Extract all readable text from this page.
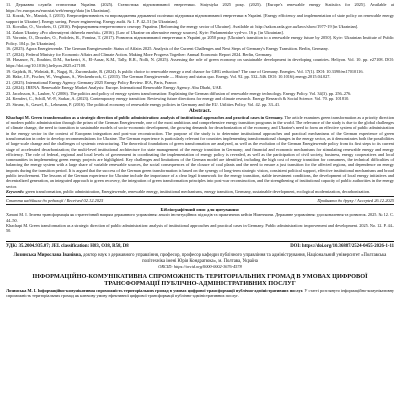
11. Державна служба статистики України. (2025). Статистика відновлюваної енергетики. Statystyka 2025 року. (2025). [Europe's renewable energy Statistics for 2025]. Available at https://ec.europa.eu/eurostat/web/energy/data [in Ukrainian].

12. Kozak, Ye., Maniok, I. (2015). Енергоефективність та впровадження державної політики підтримки відновлюваної енергетики в Україні. [Energy efficiency and implementation of state policy on renewable energy support in Ukraine]. Energy saving. Power engineering. Energy audit. № 1. P. 42–51 [in Ukrainian].

13. Kovalko, O., Vorobets, O. (2016). Реформування енергетичного сектору України. [Reforming the energy sector of Ukraine]. Available at: http://zakon.rada.gov.ua/laws/show/1977-19 [in Ukrainian].

14. Zakon Ukrainy «Pro alternatyvni dzherela enerhii». (2016). [Law of Ukraine on alternative energy sources]. Kyiv: Parlamentske vyd-vo. 16 p. [in Ukrainian].

15. Voronin, O., Drozdov, O., Podolets, R., Fomina, T. (2017). Розвиток відновлюваної енергетики в Україні до 2050 року. [Ukraine's transition to a renewable energy future by 2050]. Kyiv: Ukrainian Institute of Public Policy. 104 p. [in Ukrainian].

16. (2025). Agora Energiewende. The German Energiewende: Status of Affairs 2025. Analysis of the Current Challenges and Next Steps of Germany's Energy Transition. Berlin, Germany.

17. (2024). Federal Ministry for Economic Affairs and Climate Action. Making More Progress Together: Annual Economic Report 2024. Berlin, Germany.

18. Hasanov, N., Ibrahim, D.M., Sarkeriri, S., El-Aasar, K.M., Tally, R.R., Nolli, N. (2025). Assessing the role of green economy on sustainable development in developing countries. Heliyon. Vol. 10. pp. e27108. DOI: https://doi.org/10.1016/j.heliyon.2025.e27108.

19. Gajdzik, B., Wolniak, R., Nagaj, R., Żuromskaite, B. (2024). Is public choice to renewable energy a real chance for GHG reduction? The case of Germany. Energies. Vol. 17(1). DOI: 10.3390/en17010116.

20. Hake, J.F., Fischer, W., Venghaus, S., Weckenbrock, C. (2015). The German Energiewende — History and status quo. Energy. Vol. 92. pp. 532–546. DOI: 10.1016/j.energy.2015.04.027.

21. (2025). International Energy Agency. Germany 2025 Energy Policy Review. IEA, Paris, France.

22. (2024). IRENA. Renewable Energy Market Analysis: Europe. International Renewable Energy Agency. Abu Dhabi, UAE.

23. Jacobsson, S., Lauber, V. (2006). The politics and policy of energy system transformation: Explaining the German diffusion of renewable energy technology. Energy Policy. Vol. 34(3). pp. 256–276.

24. Kemfert, C., Schill, W.-P., Sarkar, A. (2023). Contemporary energy transition: Reviewing future directions for energy and climate research. Energy Research & Social Science. Vol. 70. pp. 101810.

25. Strunz, S., Gawel, E., Lehmann, P. (2016). The political economy of renewable energy policies in Germany and the EU. Utilities Policy. Vol. 42. pp. 33–41.

Abstract.

Khachapi M. Green transformation as a strategic direction of public administration: analysis of institutional approaches and practical cases in Germany. The article examines green transformation as a priority direction of modern public administration through the prism of the German Energiewende, one of the most ambitious and comprehensive energy transition programs in the world. The relevance of the study is due to the global challenges of climate change, the need to transition to sustainable models of socio-economic development, the growing demands for decarbonization of the economy, and Ukraine's need to form an effective system of public administration in the energy sector in the context of European integration and post-war reconstruction. The purpose of the study is to determine institutional approaches and practical mechanisms of the German experience of green transformation in order to develop recommendations for Ukraine. The German experience is particularly relevant for countries implementing transformational changes in the energy sector, as it demonstrates both the possibilities of large-scale change and the challenges of systemic restructuring. The theoretical foundations of green transformation are analyzed, as well as the evolution of the German Energiewende policy from its first steps to its current stage of accelerated decarbonization; the multi-level institutional architecture for state management of the energy transition in Germany; and financial and economic mechanisms for stimulating renewable energy and energy efficiency. The role of federal, regional and local levels of government in coordinating the implementation of energy policy is revealed, as well as the participation of civil society, business, energy cooperatives and local communities in implementing green energy projects are highlighted. Key challenges and limitations of the German model are identified, including the high cost of energy transition for consumers, the technical difficulties of balancing the energy system with a large share of variable renewable sources, the social consequences of the closure of coal plants and the need to ensure a just transition for the affected regions, and dependence on energy imports during the transition period. It is argued that the success of the German green transformation is based on the synergy of long-term strategic vision, consistent political support, effective institutional mechanisms and broad public involvement. The lessons of the German experience for Ukraine include the importance of a clear legal framework for the energy transition, stable investment conditions, the development of local energy initiatives and decentralized generation, an integrated approach to green recovery, the integration of green transformation principles into post-war reconstruction, and the strengthening of institutional capacity of public authorities in the energy sector.

Keywords: green transformation, public administration, Energiewende, renewable energy, institutional mechanisms, energy transition, Germany, sustainable development, ecological modernization, decarbonization.

Стаття надійшла до редакції / Received 02.12.2025	Прийнята до друку / Accepted 26.12.2025
Бібліографічний опис для цитування:

Хачапі М. І. Зелена трансформація як стратегічний напрям державного управління: аналіз інституційних підходів та практичних кейсів Німеччини. Державне управління: удосконалення та розвиток. 2025. № 12. С. 44–50.

Khachapi M. Green transformation as a strategic direction of public administration: analysis of institutional approaches and practical cases in Germany. Public administration: improvement and development. 2025. No. 12. P. 44–50.

УДК: 35.2004.935.07; JEL classification: H83, O38, R58, D8	DOI: https://doi.org/10.36887/2524-0455-2026-1-11
Лозинська Мирослава Іванівна, доктор наук з державного управління, професор, професор кафедри публічного управління та адміністрування, Національний університет «Полтавська політехніка імені Юрія Кондратюка», м. Полтава, Україна
ORCID: https://orcid.org/0000-0002-3676-4578
ІНФОРМАЦІЙНО-КОМУНІКАТИВНА СПРОМОЖНІСТЬ ТЕРИТОРІАЛЬНИХ ГРОМАД В УМОВАХ ЦИФРОВОЇ ТРАНСФОРМАЦІЇ ПУБЛІЧНО-АДМІНІСТРАТИВНИХ ПОСЛУГ

Лозинська М. І. Інформаційно-комунікативна спроможність територіальних громад в умовах цифрової трансформації публічно-адміністративних послуг. У статті розглянуто інформаційно-комунікативну спроможність територіальних громад як ключову умову ефективної цифрової трансформації публічно-адміністративних послуг.
